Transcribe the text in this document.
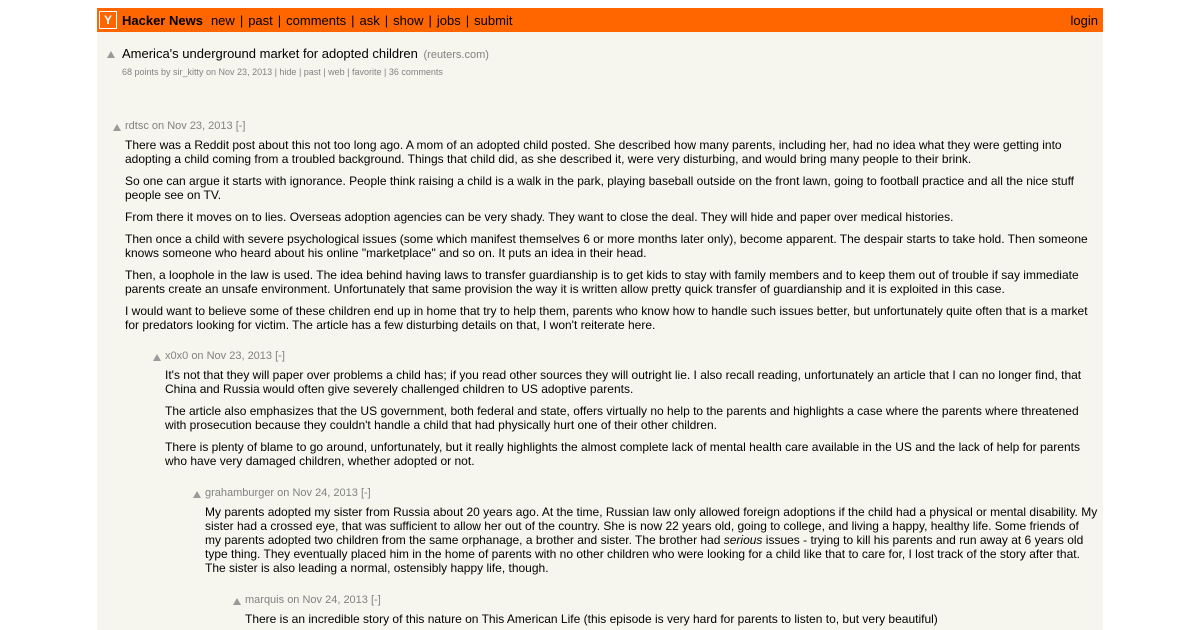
Y Hacker News new | past | comments | ask | show | jobs | submit	login
America's underground market for adopted children (reuters.com)
68 points by sir_kitty on Nov 23, 2013 | hide | past | web | favorite | 36 comments
rdtsc on Nov 23, 2013 [-]

There was a Reddit post about this not too long ago. A mom of an adopted child posted. She described how many parents, including her, had no idea what they were getting into adopting a child coming from a troubled background. Things that child did, as she described it, were very disturbing, and would bring many people to their brink.

So one can argue it starts with ignorance. People think raising a child is a walk in the park, playing baseball outside on the front lawn, going to football practice and all the nice stuff people see on TV.

From there it moves on to lies. Overseas adoption agencies can be very shady. They want to close the deal. They will hide and paper over medical histories.

Then once a child with severe psychological issues (some which manifest themselves 6 or more months later only), become apparent. The despair starts to take hold. Then someone knows someone who heard about his online "marketplace" and so on. It puts an idea in their head.

Then, a loophole in the law is used. The idea behind having laws to transfer guardianship is to get kids to stay with family members and to keep them out of trouble if say immediate parents create an unsafe environment. Unfortunately that same provision the way it is written allow pretty quick transfer of guardianship and it is exploited in this case.

I would want to believe some of these children end up in home that try to help them, parents who know how to handle such issues better, but unfortunately quite often that is a market for predators looking for victim. The article has a few disturbing details on that, I won't reiterate here.

x0x0 on Nov 23, 2013 [-]

It's not that they will paper over problems a child has; if you read other sources they will outright lie. I also recall reading, unfortunately an article that I can no longer find, that China and Russia would often give severely challenged children to US adoptive parents.

The article also emphasizes that the US government, both federal and state, offers virtually no help to the parents and highlights a case where the parents where threatened with prosecution because they couldn't handle a child that had physically hurt one of their other children.

There is plenty of blame to go around, unfortunately, but it really highlights the almost complete lack of mental health care available in the US and the lack of help for parents who have very damaged children, whether adopted or not.

grahamburger on Nov 24, 2013 [-]

My parents adopted my sister from Russia about 20 years ago. At the time, Russian law only allowed foreign adoptions if the child had a physical or mental disability. My sister had a crossed eye, that was sufficient to allow her out of the country. She is now 22 years old, going to college, and living a happy, healthy life. Some friends of my parents adopted two children from the same orphanage, a brother and sister. The brother had serious issues - trying to kill his parents and run away at 6 years old type thing. They eventually placed him in the home of parents with no other children who were looking for a child like that to care for, I lost track of the story after that. The sister is also leading a normal, ostensibly happy life, though.

marquis on Nov 24, 2013 [-]

There is an incredible story of this nature on This American Life (this episode is very hard for parents to listen to, but very beautiful)
